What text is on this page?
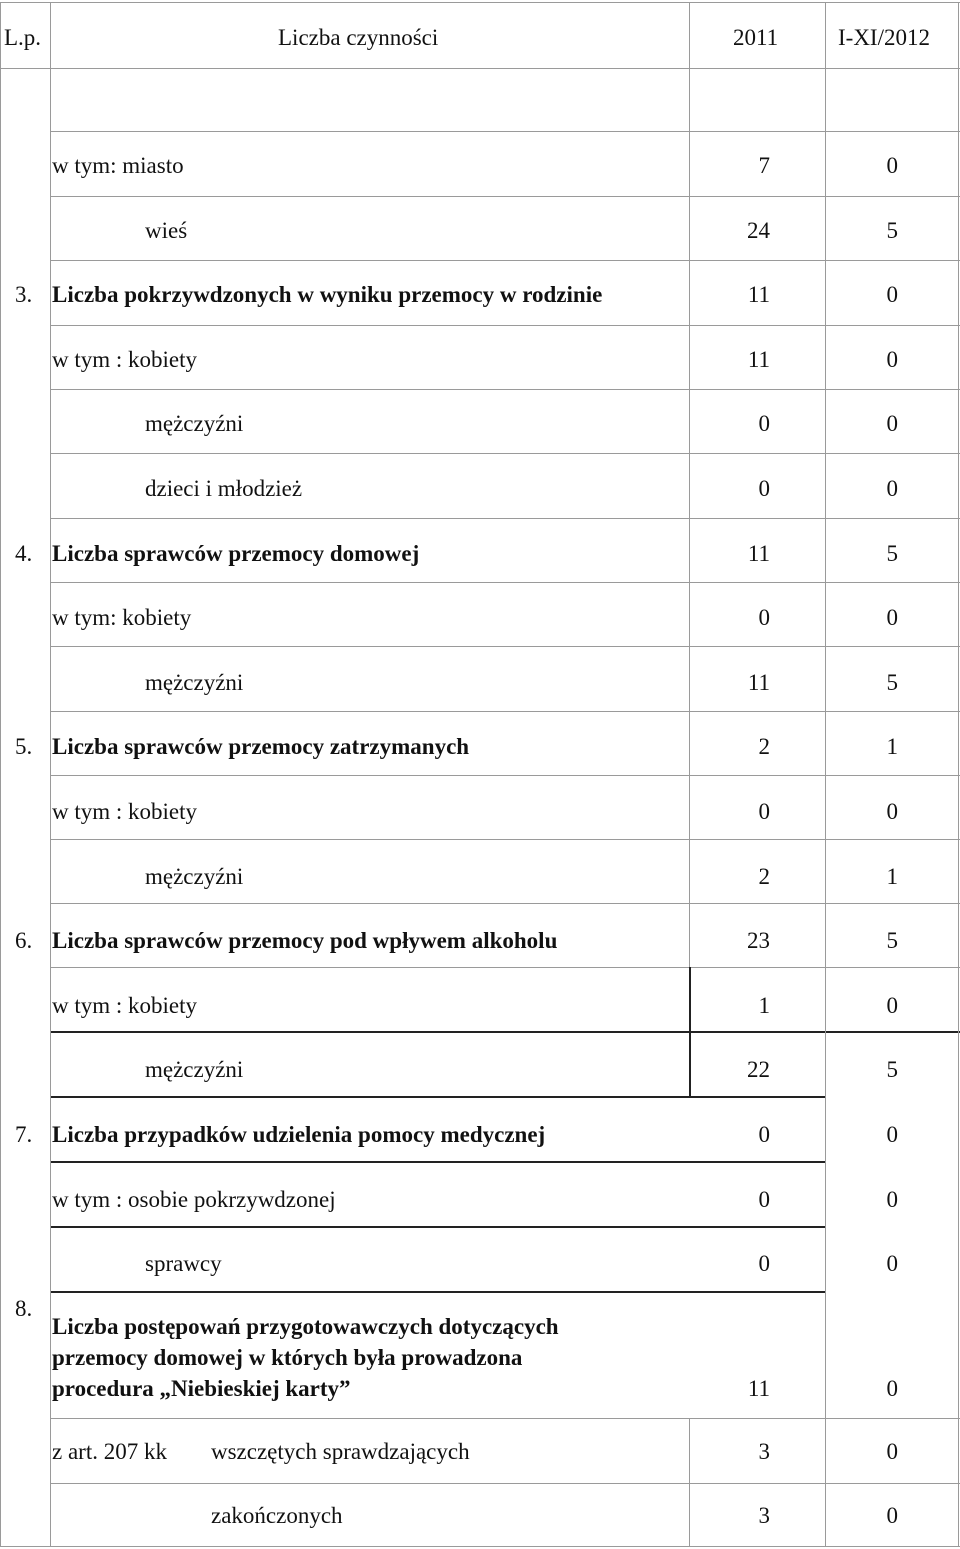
L.p.	Liczba czynności	2011	I-XI/2012
w tym: miasto	7	0
wieś	24	5
3. Liczba pokrzywdzonych w wyniku przemocy w rodzinie	11	0
w tym : kobiety	11	0
mężczyźni	0	0
dzieci i młodzież	0	0
4. Liczba sprawców przemocy domowej	11	5
w tym: kobiety	0	0
mężczyźni	11	5
5. Liczba sprawców przemocy zatrzymanych	2	1
w tym : kobiety	0	0
mężczyźni	2	1
6. Liczba sprawców przemocy pod wpływem alkoholu	23	5
w tym : kobiety	1	0
mężczyźni	22	5
7. Liczba przypadków udzielenia pomocy medycznej	0	0
w tym : osobie pokrzywdzonej	0	0
sprawcy	0	0
8.
Liczba postępowań przygotowawczych dotyczących
przemocy domowej w których była prowadzona
procedura „Niebieskiej karty”	11	0
z art. 207 kk wszczętych sprawdzających	3	0
zakończonych	3	0
